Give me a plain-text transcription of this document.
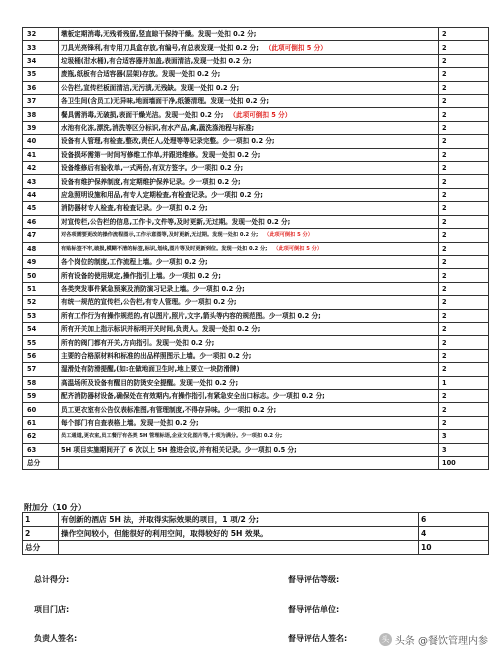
32	墩板定期消毒,无残肴残留,竖直晾干保持干燥。发现一处扣 0.2 分;	2
33	刀具光亮锋利,有专用刀具盒存放,有编号,有总表发现一处扣 0.2 分; （此项可倒扣 5 分）	2
34	垃圾桶(泔水桶),有合适容器并加盖,表面清洁,发现一处扣 0.2 分;	2
35	废瓶,纸板有合适容器(层架)存放。发现一处扣 0.2 分;	2
36	公告栏,宣传栏板面清洁,无污渍,无残缺。发现一处扣 0.2 分;	2
37	各卫生间(含员工)无异味,地面墙面干净,纸篓清理。发现一处扣 0.2 分;	2
38	餐具需消毒,无破损,表面干燥光洁。发现一处扣 0.2 分; （此项可倒扣 5 分）	2
39	水池有化冻,漂洗,消洗等区分标识,有水产品,禽,蔬洗涤池程与标准;	2
40	设备有人管理,有检查,整改,责任人,处理等等记录完整。少一项扣 0.2 分;	2
41	设备损坏需第一时间写修维工作单,并跟进维修。发现一处扣 0.2 分;	2
42	设备维修后有验收单,一式两份,有双方签字。少一项扣 0.2 分;	2
43	设备有维护保养制度,有定期维护保养记录。少一项扣 0.2 分;	2
44	应急照明设施和用品,有专人定期检查,有检查记录。少一项扣 0.2 分;	2
45	消防器材专人检查,有检查记录。少一项扣 0.2 分;	2
46	对宣传栏,公告栏的信息,工作卡,文件等,及时更新,无过期。发现一处扣 0.2 分;	2
47	对各项需要更改的操作流程图示,工作示意图等,及时更新,无过期。发现一处扣 0.2 分; （此项可倒扣 5 分）	2
48	有贴标签不牢,破损,模糊不清的标签,标识,划线,图片等及时更新到位。发现一处扣 0.2 分; （此项可倒扣 5 分）	2
49	各个岗位的制度,工作流程上墙。少一项扣 0.2 分;	2
50	所有设备的使用规定,操作指引上墙。少一项扣 0.2 分;	2
51	各类突发事件紧急预案及消防演习记录上墙。少一项扣 0.2 分;	2
52	有统一规范的宣传栏,公告栏,有专人管理。少一项扣 0.2 分;	2
53	所有工作行为有操作规范的,有以图片,照片,文字,箭头等内容的规范图。少一项扣 0.2 分;	2
54	所有开关加上指示标识并标明开关时间,负责人。发现一处扣 0.2 分;	2
55	所有的阀门都有开关,方向指引。发现一处扣 0.2 分;	2
56	主要的合格原材料和标准的出品样照图示上墙。少一项扣 0.2 分;	2
57	湿滑处有防滑提醒,(如:在做地面卫生时,地上要立一块防滑牌)	2
58	高温场所及设备有醒目的防烫安全提醒。发现一处扣 0.2 分;	1
59	配齐消防器材设备,确保处在有效期内,有操作指引,有紧急安全出口标志。少一项扣 0.2 分;	2
60	员工更衣室有公告仪表标准图,有管理制度,不得存异味。少一项扣 0.2 分;	2
61	每个部门有自查表格上墙。发现一处扣 0.2 分;	2
62	员工通道,更衣室,员工餐厅有各类 5H 管理标语,企业文化图片等,十项为满分。少一项扣 0.2 分;	3
63	5H 项目实施期间开了 6 次以上 5H 推进会议,并有相关记录。少一项扣 0.5 分;	3
总分		100
附加分（10 分）
1	有创新的酒店 5H 法，并取得实际效果的项目，1 项/2 分;	6
2	操作空间较小，但能很好的利用空间，取得较好的 5H 效果。	4
总分		10
总计得分:	督导评估等级:
项目门店:	督导评估单位:
负责人签名:	督导评估人签名:	头 头条 @餐饮管理内参
